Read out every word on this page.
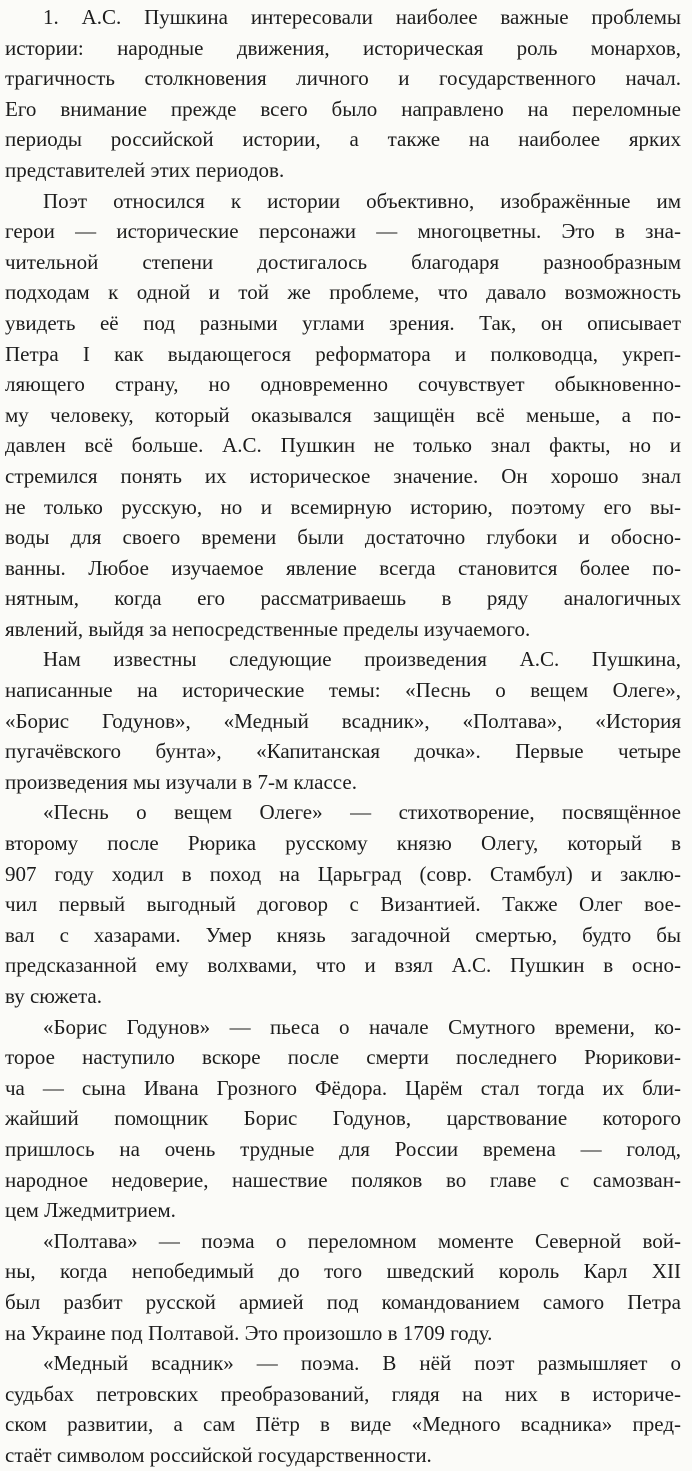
1. А.С. Пушкина интересовали наиболее важные проблемы
истории: народные движения, историческая роль монархов,
трагичность столкновения личного и государственного начал.
Его внимание прежде всего было направлено на переломные
периоды российской истории, а также на наиболее ярких
представителей этих периодов.
Поэт относился к истории объективно, изображённые им
герои — исторические персонажи — многоцветны. Это в зна-
чительной степени достигалось благодаря разнообразным
подходам к одной и той же проблеме, что давало возможность
увидеть её под разными углами зрения. Так, он описывает
Петра I как выдающегося реформатора и полководца, укреп-
ляющего страну, но одновременно сочувствует обыкновенно-
му человеку, который оказывался защищён всё меньше, а по-
давлен всё больше. А.С. Пушкин не только знал факты, но и
стремился понять их историческое значение. Он хорошо знал
не только русскую, но и всемирную историю, поэтому его вы-
воды для своего времени были достаточно глубоки и обосно-
ванны. Любое изучаемое явление всегда становится более по-
нятным, когда его рассматриваешь в ряду аналогичных
явлений, выйдя за непосредственные пределы изучаемого.
Нам известны следующие произведения А.С. Пушкина,
написанные на исторические темы: «Песнь о вещем Олеге»,
«Борис Годунов», «Медный всадник», «Полтава», «История
пугачёвского бунта», «Капитанская дочка». Первые четыре
произведения мы изучали в 7-м классе.
«Песнь о вещем Олеге» — стихотворение, посвящённое
второму после Рюрика русскому князю Олегу, который в
907 году ходил в поход на Царьград (совр. Стамбул) и заклю-
чил первый выгодный договор с Византией. Также Олег вое-
вал с хазарами. Умер князь загадочной смертью, будто бы
предсказанной ему волхвами, что и взял А.С. Пушкин в осно-
ву сюжета.
«Борис Годунов» — пьеса о начале Смутного времени, ко-
торое наступило вскоре после смерти последнего Рюрикови-
ча — сына Ивана Грозного Фёдора. Царём стал тогда их бли-
жайший помощник Борис Годунов, царствование которого
пришлось на очень трудные для России времена — голод,
народное недоверие, нашествие поляков во главе с самозван-
цем Лжедмитрием.
«Полтава» — поэма о переломном моменте Северной вой-
ны, когда непобедимый до того шведский король Карл XII
был разбит русской армией под командованием самого Петра
на Украине под Полтавой. Это произошло в 1709 году.
«Медный всадник» — поэма. В нёй поэт размышляет о
судьбах петровских преобразований, глядя на них в историче-
ском развитии, а сам Пётр в виде «Медного всадника» пред-
стаёт символом российской государственности.
